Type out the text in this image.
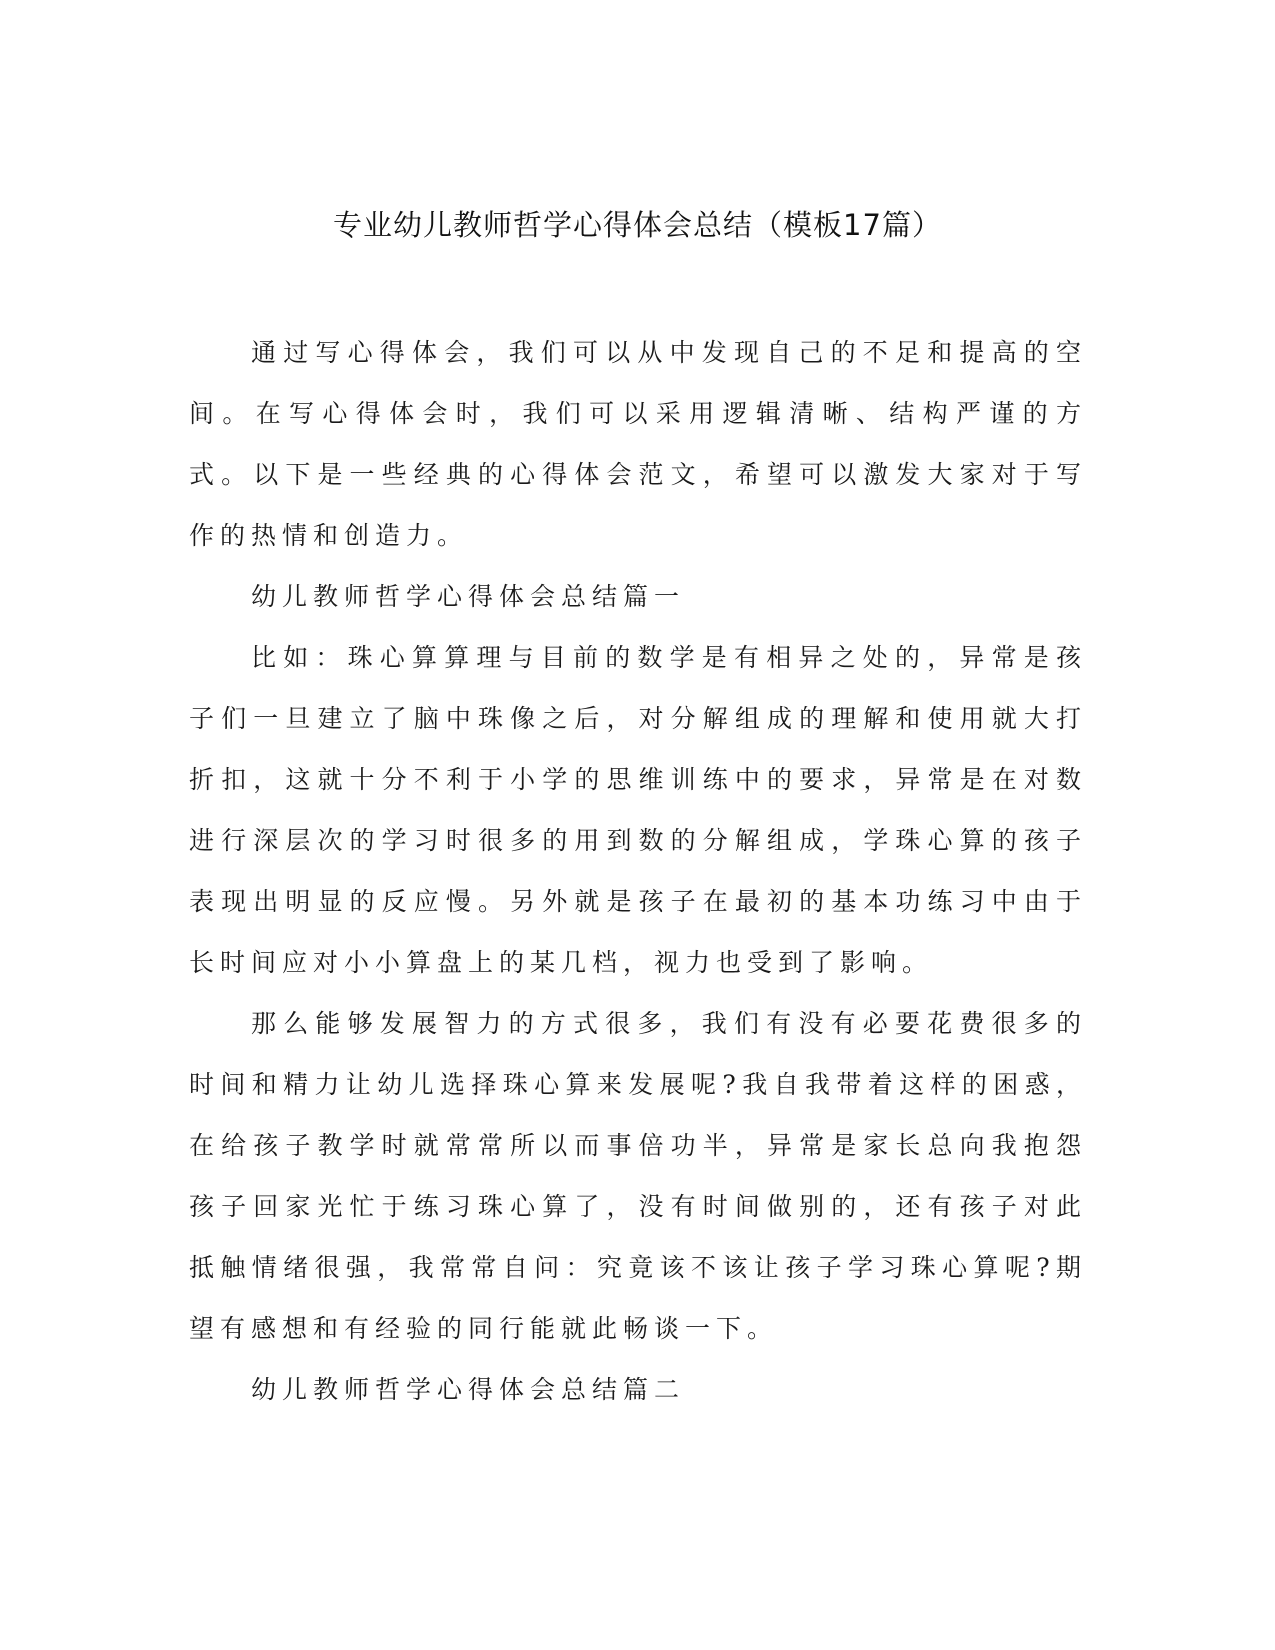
专业幼儿教师哲学心得体会总结（模板17篇）

通过写心得体会，我们可以从中发现自己的不足和提高的空间。在写心得体会时，我们可以采用逻辑清晰、结构严谨的方式。以下是一些经典的心得体会范文，希望可以激发大家对于写作的热情和创造力。

幼儿教师哲学心得体会总结篇一

比如：珠心算算理与目前的数学是有相异之处的，异常是孩子们一旦建立了脑中珠像之后，对分解组成的理解和使用就大打折扣，这就十分不利于小学的思维训练中的要求，异常是在对数进行深层次的学习时很多的用到数的分解组成，学珠心算的孩子表现出明显的反应慢。另外就是孩子在最初的基本功练习中由于长时间应对小小算盘上的某几档，视力也受到了影响。

那么能够发展智力的方式很多，我们有没有必要花费很多的时间和精力让幼儿选择珠心算来发展呢?我自我带着这样的困惑，在给孩子教学时就常常所以而事倍功半，异常是家长总向我抱怨孩子回家光忙于练习珠心算了，没有时间做别的，还有孩子对此抵触情绪很强，我常常自问：究竟该不该让孩子学习珠心算呢?期望有感想和有经验的同行能就此畅谈一下。

幼儿教师哲学心得体会总结篇二
